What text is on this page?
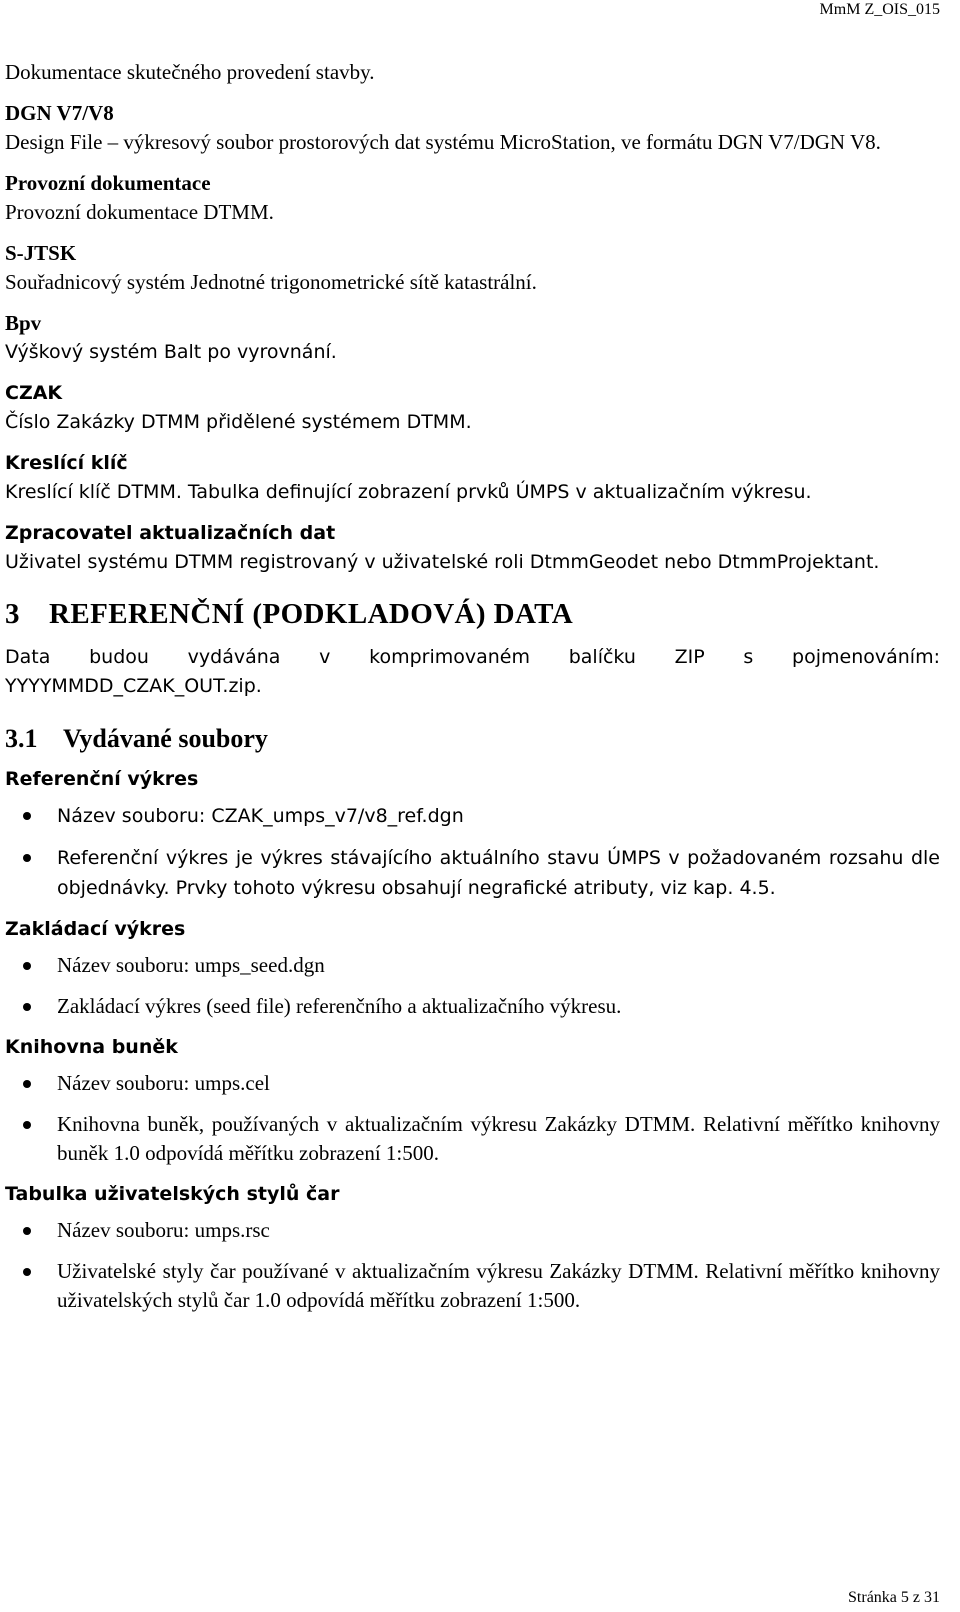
MmM Z_OIS_015

Dokumentace skutečného provedení stavby.

DGN V7/V8

Design File – výkresový soubor prostorových dat systému MicroStation, ve formátu DGN V7/DGN V8.

Provozní dokumentace

Provozní dokumentace DTMM.

S-JTSK

Souřadnicový systém Jednotné trigonometrické sítě katastrální.

Bpv

Výškový systém Balt po vyrovnání.

CZAK

Číslo Zakázky DTMM přidělené systémem DTMM.

Kreslící klíč

Kreslící klíč DTMM. Tabulka definující zobrazení prvků ÚMPS v aktualizačním výkresu.

Zpracovatel aktualizačních dat

Uživatel systému DTMM registrovaný v uživatelské roli DtmmGeodet nebo DtmmProjektant.

3 REFERENČNÍ (PODKLADOVÁ) DATA

Data budou vydávána v komprimovaném balíčku ZIP s pojmenováním: YYYYMMDD_CZAK_OUT.zip.

3.1 Vydávané soubory

Referenční výkres

Název souboru: CZAK_umps_v7/v8_ref.dgn
Referenční výkres je výkres stávajícího aktuálního stavu ÚMPS v požadovaném rozsahu dle objednávky. Prvky tohoto výkresu obsahují negrafické atributy, viz kap. 4.5.

Zakládací výkres

Název souboru: umps_seed.dgn
Zakládací výkres (seed file) referenčního a aktualizačního výkresu.

Knihovna buněk

Název souboru: umps.cel
Knihovna buněk, používaných v aktualizačním výkresu Zakázky DTMM. Relativní měřítko knihovny buněk 1.0 odpovídá měřítku zobrazení 1:500.

Tabulka uživatelských stylů čar

Název souboru: umps.rsc
Uživatelské styly čar používané v aktualizačním výkresu Zakázky DTMM. Relativní měřítko knihovny uživatelských stylů čar 1.0 odpovídá měřítku zobrazení 1:500.
Stránka 5 z 31
